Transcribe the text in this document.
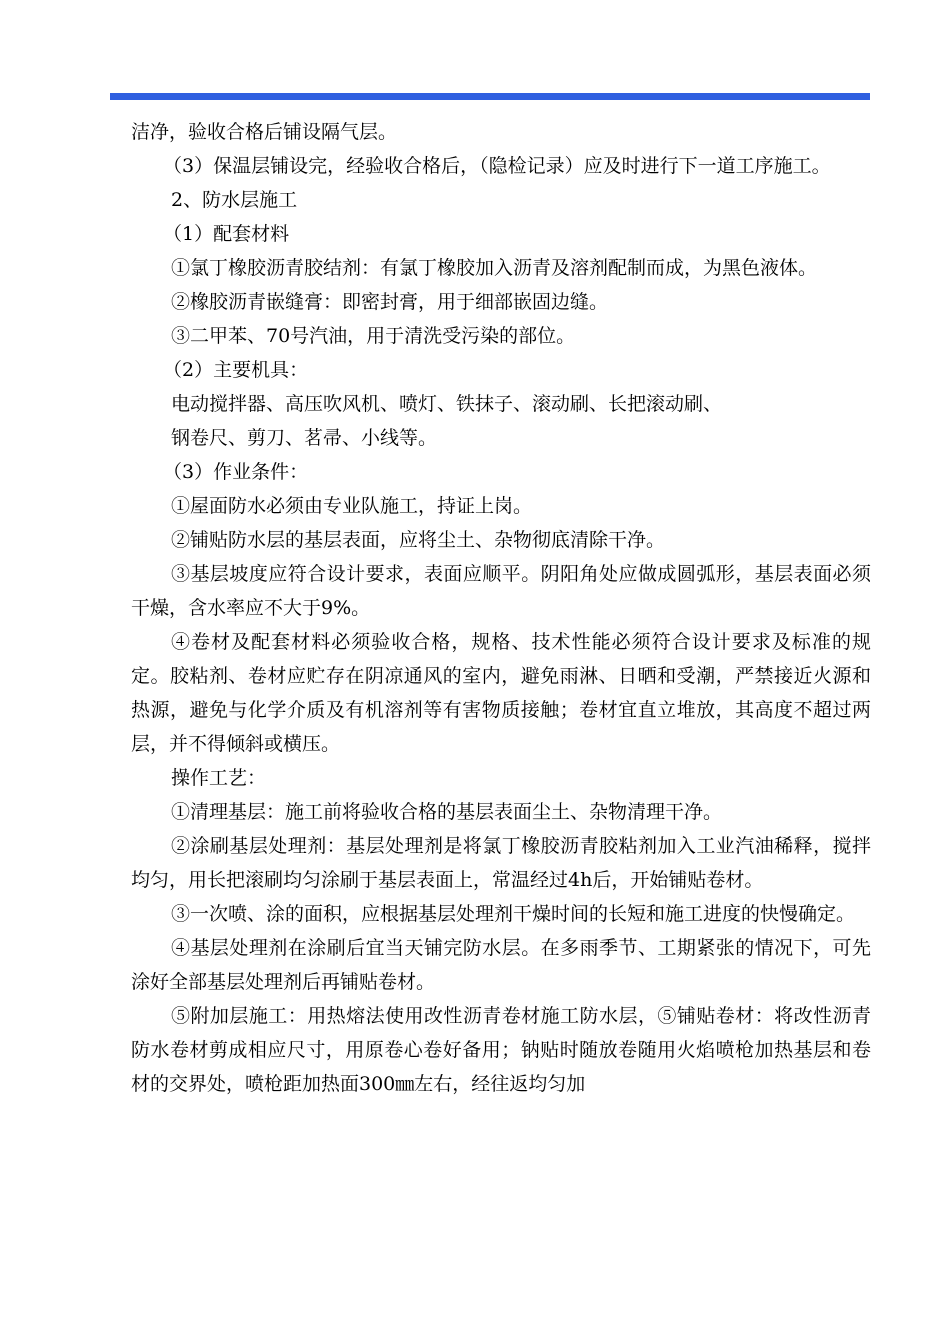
洁净，验收合格后铺设隔气层。

（3）保温层铺设完，经验收合格后，（隐检记录）应及时进行下一道工序施工。

2、防水层施工

（1）配套材料

①氯丁橡胶沥青胶结剂：有氯丁橡胶加入沥青及溶剂配制而成，为黑色液体。

②橡胶沥青嵌缝膏：即密封膏，用于细部嵌固边缝。

③二甲苯、70号汽油，用于清洗受污染的部位。

（2）主要机具：

电动搅拌器、高压吹风机、喷灯、铁抹子、滚动刷、长把滚动刷、

钢卷尺、剪刀、茗帚、小线等。

（3）作业条件：

①屋面防水必须由专业队施工，持证上岗。

②铺贴防水层的基层表面，应将尘土、杂物彻底清除干净。

③基层坡度应符合设计要求，表面应顺平。阴阳角处应做成圆弧形，基层表面必须干燥，含水率应不大于9%。

④卷材及配套材料必须验收合格，规格、技术性能必须符合设计要求及标准的规定。胶粘剂、卷材应贮存在阴凉通风的室内，避免雨淋、日晒和受潮，严禁接近火源和热源，避免与化学介质及有机溶剂等有害物质接触；卷材宜直立堆放，其高度不超过两层，并不得倾斜或横压。

操作工艺：

①清理基层：施工前将验收合格的基层表面尘土、杂物清理干净。

②涂刷基层处理剂：基层处理剂是将氯丁橡胶沥青胶粘剂加入工业汽油稀释，搅拌均匀，用长把滚刷均匀涂刷于基层表面上，常温经过4h后，开始铺贴卷材。

③一次喷、涂的面积，应根据基层处理剂干燥时间的长短和施工进度的快慢确定。

④基层处理剂在涂刷后宜当天铺完防水层。在多雨季节、工期紧张的情况下，可先涂好全部基层处理剂后再铺贴卷材。

⑤附加层施工：用热熔法使用改性沥青卷材施工防水层，⑤铺贴卷材：将改性沥青防水卷材剪成相应尺寸，用原卷心卷好备用；钠贴时随放卷随用火焰喷枪加热基层和卷材的交界处，喷枪距加热面300㎜左右，经往返均匀加
